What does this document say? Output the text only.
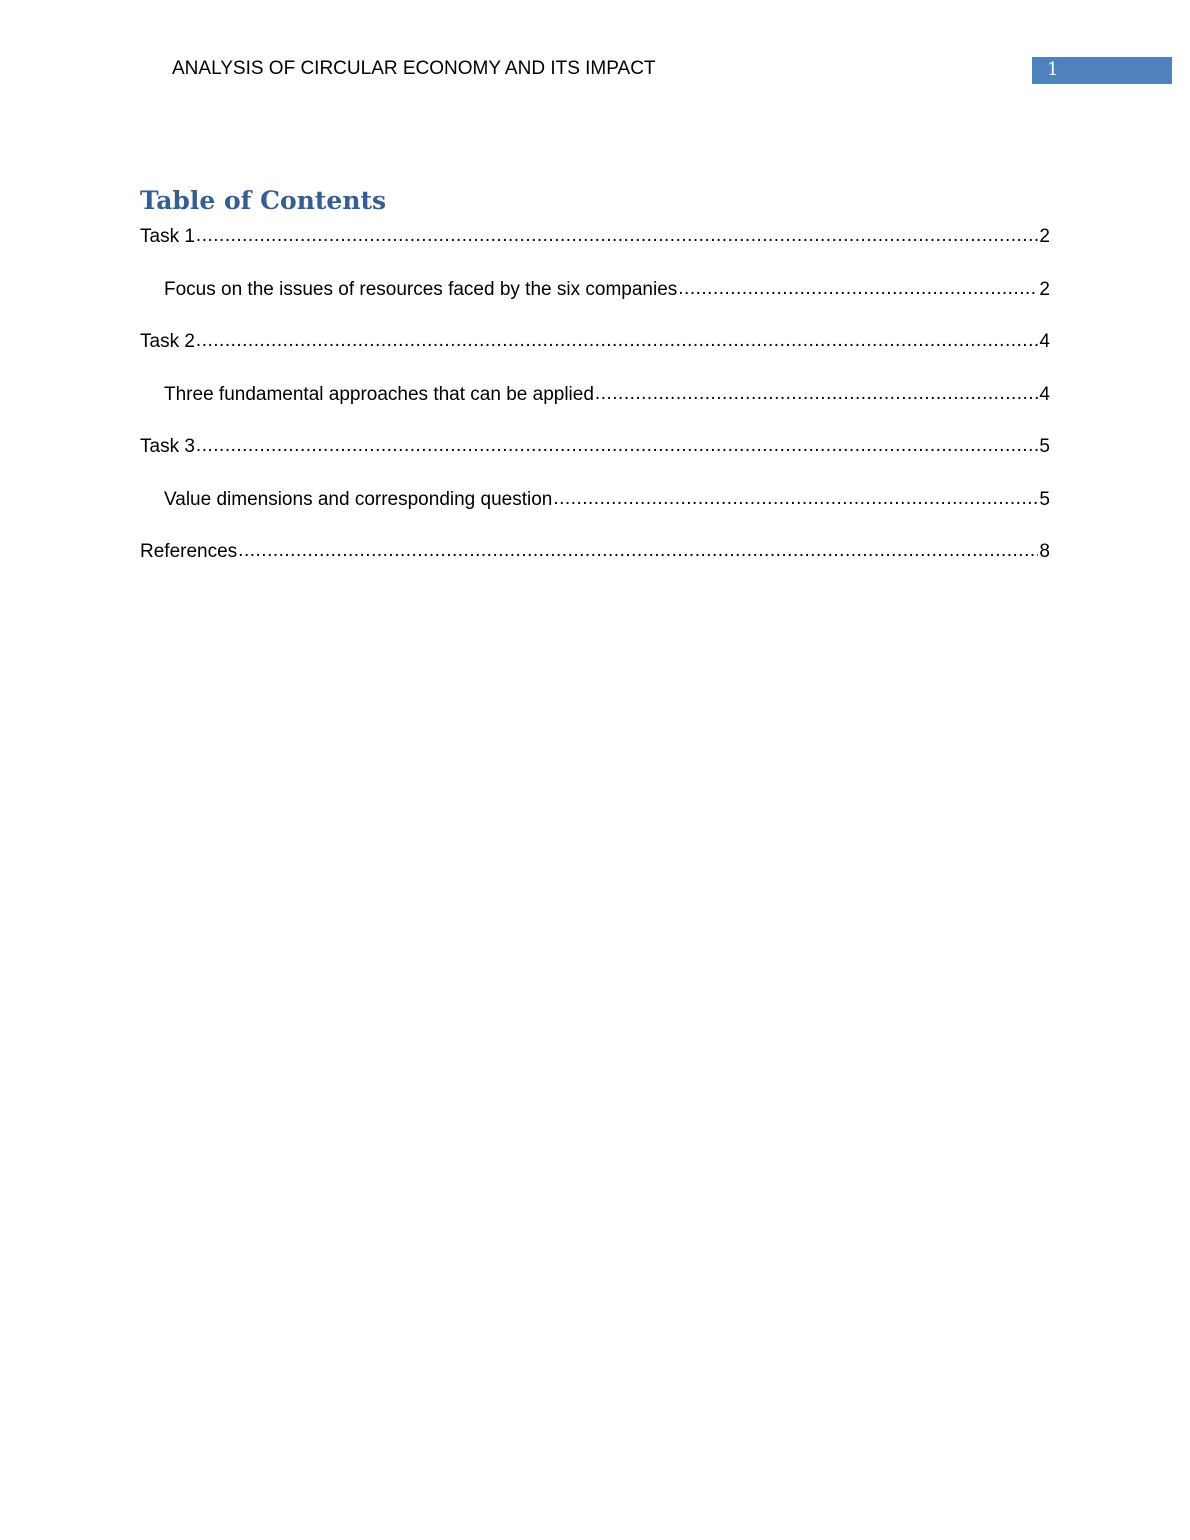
ANALYSIS OF CIRCULAR ECONOMY AND ITS IMPACT	1
Table of Contents
Task 1 .....	2
Focus on the issues of resources faced by the six companies .....	2
Task 2 .....	4
Three fundamental approaches that can be applied .....	4
Task 3 .....	5
Value dimensions and corresponding question .....	5
References .....	8
